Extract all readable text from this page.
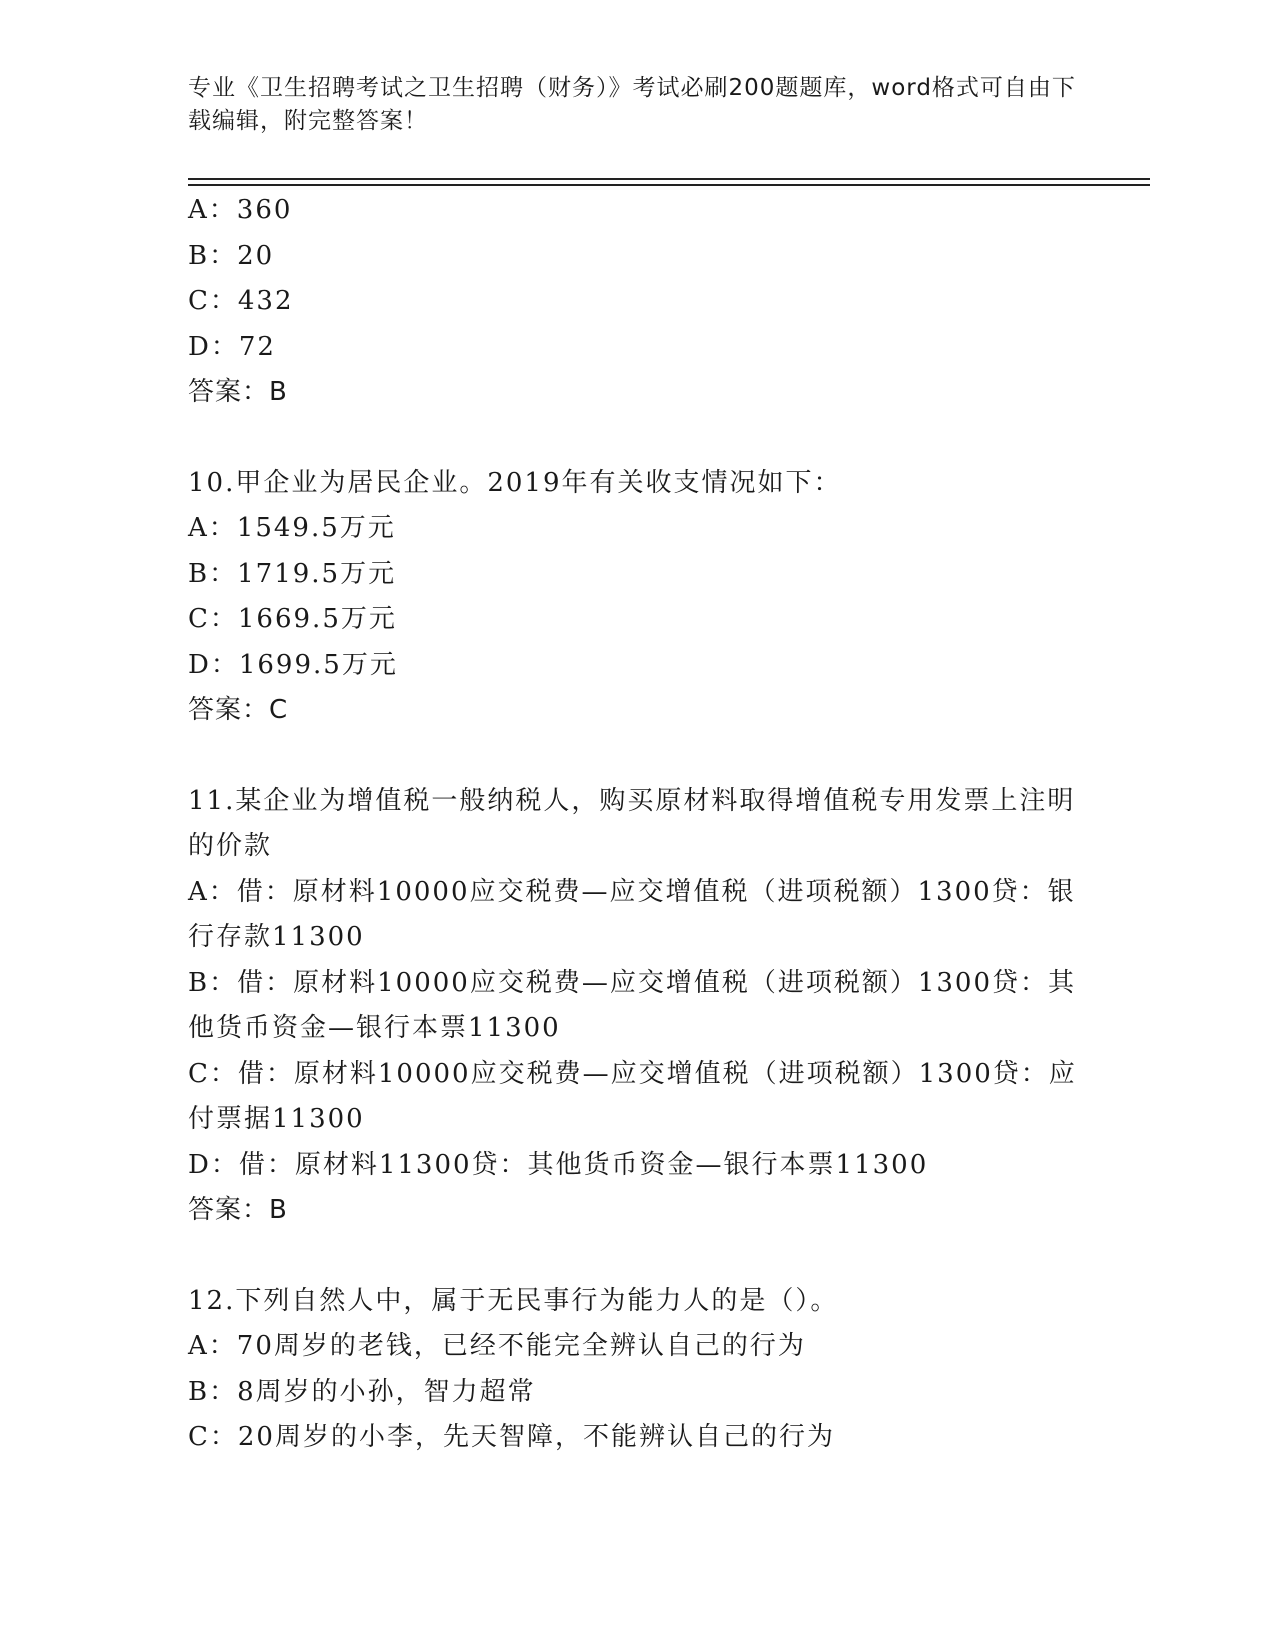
专业《卫生招聘考试之卫生招聘（财务）》考试必刷200题题库，word格式可自由下载编辑，附完整答案！

A：360

B：20

C：432

D：72

答案：B

10.甲企业为居民企业。2019年有关收支情况如下：

A：1549.5万元

B：1719.5万元

C：1669.5万元

D：1699.5万元

答案：C

11.某企业为增值税一般纳税人，购买原材料取得增值税专用发票上注明的价款

A：借：原材料10000应交税费—应交增值税（进项税额）1300贷：银行存款11300

B：借：原材料10000应交税费—应交增值税（进项税额）1300贷：其他货币资金—银行本票11300

C：借：原材料10000应交税费—应交增值税（进项税额）1300贷：应付票据11300

D：借：原材料11300贷：其他货币资金—银行本票11300

答案：B

12.下列自然人中，属于无民事行为能力人的是（）。

A：70周岁的老钱，已经不能完全辨认自己的行为

B：8周岁的小孙，智力超常

C：20周岁的小李，先天智障，不能辨认自己的行为
